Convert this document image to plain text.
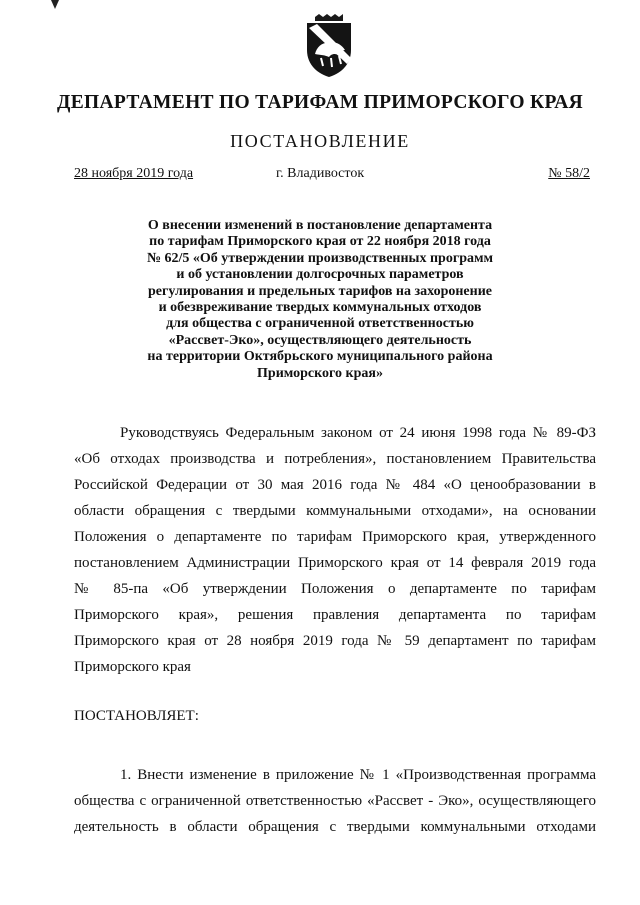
ДЕПАРТАМЕНТ ПО ТАРИФАМ ПРИМОРСКОГО КРАЯ
ПОСТАНОВЛЕНИЕ
28 ноября 2019 года	г. Владивосток	№ 58/2
О внесении изменений в постановление департамента
по тарифам Приморского края от 22 ноября 2018 года
№ 62/5 «Об утверждении производственных программ
и об установлении долгосрочных параметров
регулирования и предельных тарифов на захоронение
и обезвреживание твердых коммунальных отходов
для общества с ограниченной ответственностью
«Рассвет-Эко», осуществляющего деятельность
на территории Октябрьского муниципального района
Приморского края»
Руководствуясь Федеральным законом от 24 июня 1998 года № 89-ФЗ
«Об отходах производства и потребления», постановлением Правительства
Российской Федерации от 30 мая 2016 года № 484 «О ценообразовании в
области обращения с твердыми коммунальными отходами», на основании
Положения о департаменте по тарифам Приморского края, утвержденного
постановлением Администрации Приморского края от 14 февраля 2019 года
№ 85-па «Об утверждении Положения о департаменте по тарифам
Приморского края», решения правления департамента по тарифам
Приморского края от 28 ноября 2019 года № 59 департамент по тарифам
Приморского края
ПОСТАНОВЛЯЕТ:
1. Внести изменение в приложение № 1 «Производственная программа
общества с ограниченной ответственностью «Рассвет - Эко», осуществляющего
деятельность в области обращения с твердыми коммунальными отходами
